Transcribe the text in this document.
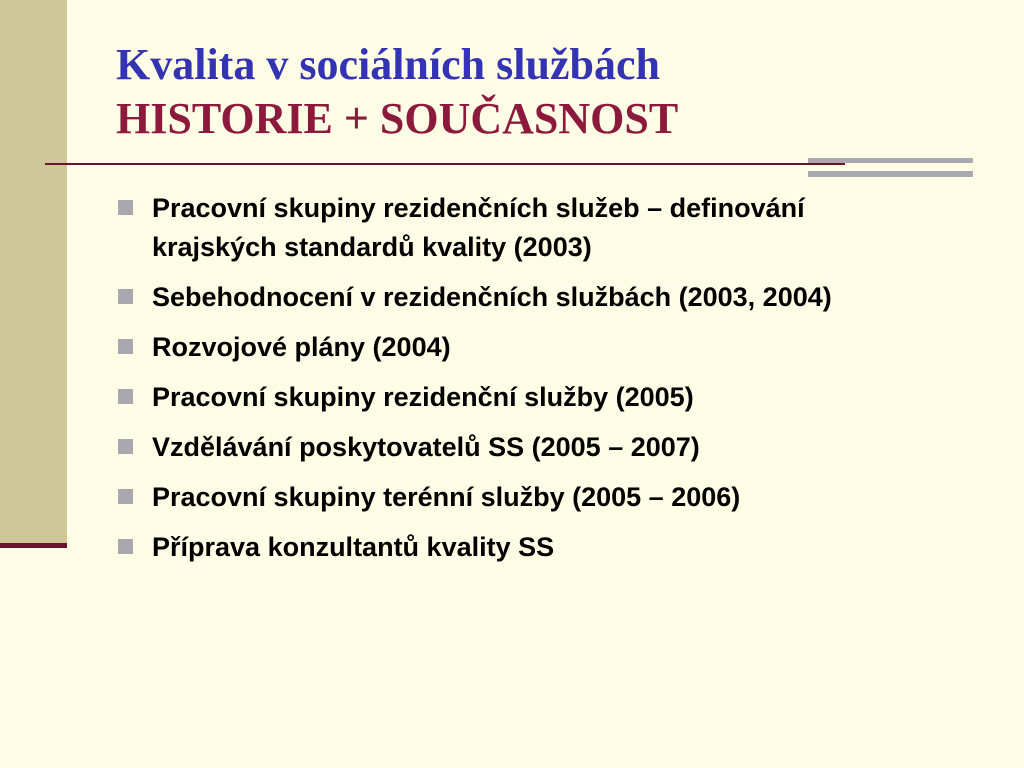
Kvalita v sociálních službách
HISTORIE + SOUČASNOST
Pracovní skupiny rezidenčních služeb – definování krajských standardů kvality (2003)
Sebehodnocení v rezidenčních službách (2003, 2004)
Rozvojové plány (2004)
Pracovní skupiny rezidenční služby (2005)
Vzdělávání poskytovatelů SS (2005 – 2007)
Pracovní skupiny terénní služby (2005 – 2006)
Příprava konzultantů kvality SS
